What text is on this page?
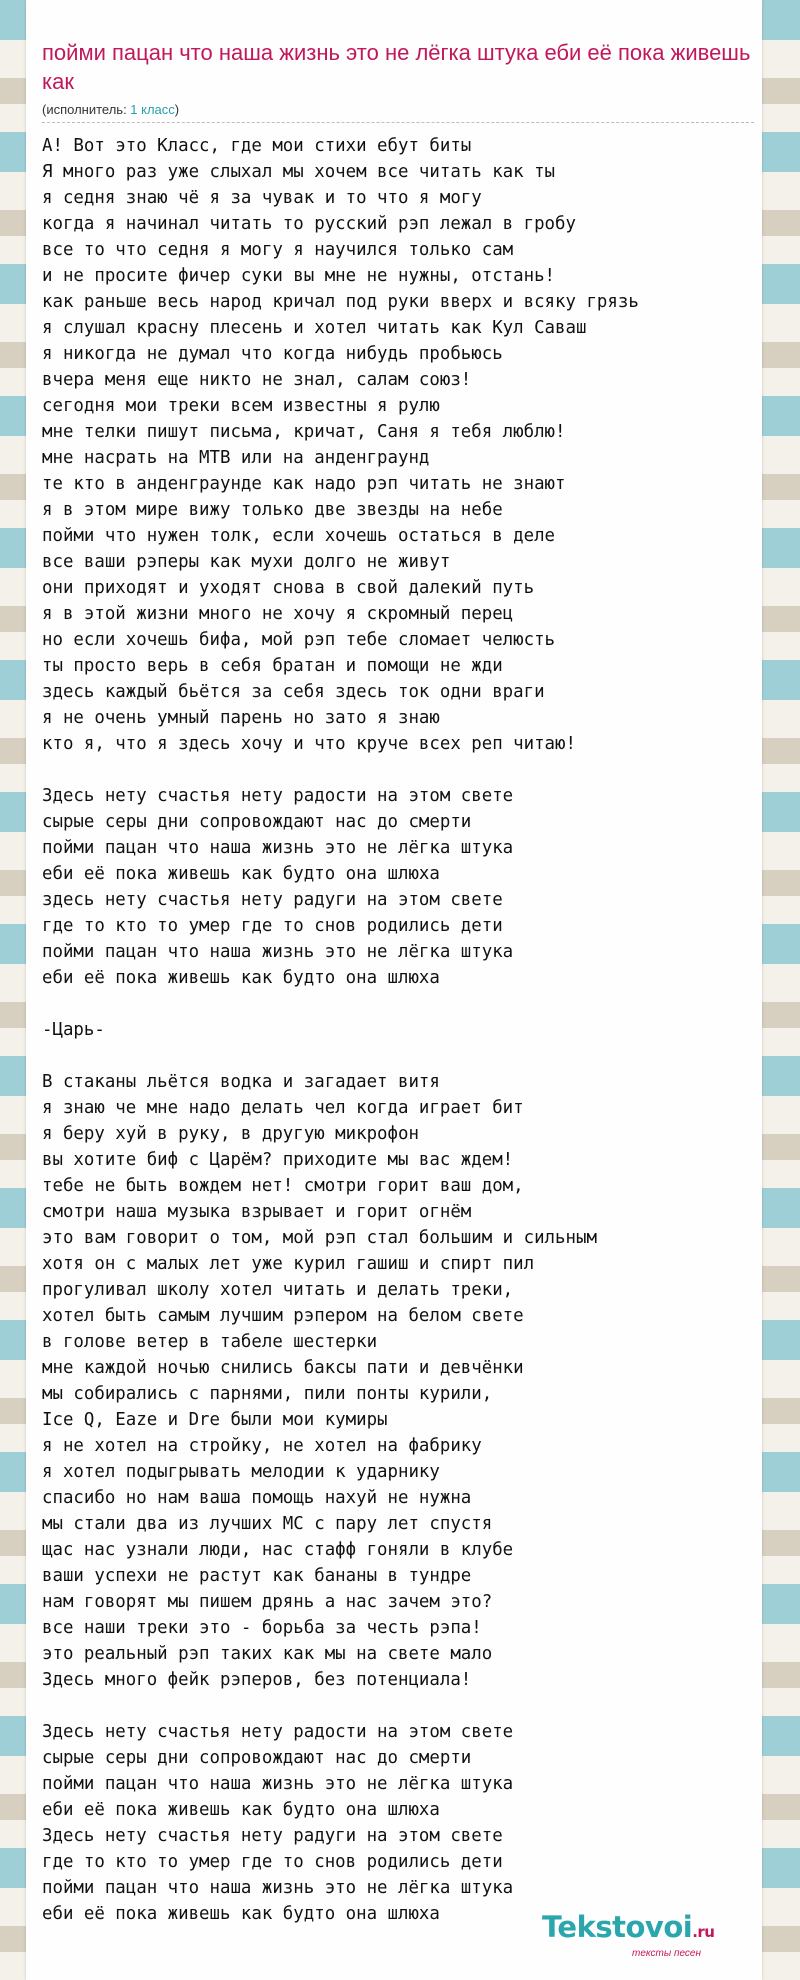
пойми пацан что наша жизнь это не лёгка штука еби её пока живешь как
(исполнитель: 1 класс)
А! Вот это Класс, где мои стихи ебут биты
Я много раз уже слыхал мы хочем все читать как ты
я седня знаю чё я за чувак и то что я могу
когда я начинал читать то русский рэп лежал в гробу
все то что седня я могу я научился только сам
и не просите фичер суки вы мне не нужны, отстань!
как раньше весь народ кричал под руки вверх и всяку грязь
я слушал красну плесень и хотел читать как Кул Саваш
я никогда не думал что когда нибудь пробьюсь
вчера меня еще никто не знал, салам союз!
сегодня мои треки всем известны я рулю
мне телки пишут письма, кричат, Саня я тебя люблю!
мне насрать на МТВ или на анденграунд
те кто в анденграунде как надо рэп читать не знают
я в этом мире вижу только две звезды на небе
пойми что нужен толк, если хочешь остаться в деле
все ваши рэперы как мухи долго не живут
они приходят и уходят снова в свой далекий путь
я в этой жизни много не хочу я скромный перец
но если хочешь бифа, мой рэп тебе сломает челюсть
ты просто верь в себя братан и помощи не жди
здесь каждый бьётся за себя здесь ток одни враги
я не очень умный парень но зато я знаю
кто я, что я здесь хочу и что круче всех реп читаю!

Здесь нету счастья нету радости на этом свете
сырые серы дни сопровождают нас до смерти
пойми пацан что наша жизнь это не лёгка штука
еби её пока живешь как будто она шлюха
здесь нету счастья нету радуги на этом свете
где то кто то умер где то снов родились дети
пойми пацан что наша жизнь это не лёгка штука
еби её пока живешь как будто она шлюха

-Царь-

В стаканы льётся водка и загадает витя
я знаю че мне надо делать чел когда играет бит
я беру хуй в руку, в другую микрофон
вы хотите биф с Царём? приходите мы вас ждем!
тебе не быть вождем нет! смотри горит ваш дом,
смотри наша музыка взрывает и горит огнём
это вам говорит о том, мой рэп стал большим и сильным
хотя он с малых лет уже курил гашиш и спирт пил
прогуливал школу хотел читать и делать треки,
хотел быть самым лучшим рэпером на белом свете
в голове ветер в табеле шестерки
мне каждой ночью снились баксы пати и девчёнки
мы собирались с парнями, пили понты курили,
Ice Q, Eaze и Dre были мои кумиры
я не хотел на стройку, не хотел на фабрику
я хотел подыгрывать мелодии к ударнику
спасибо но нам ваша помощь нахуй не нужна
мы стали два из лучших МС с пару лет спустя
щас нас узнали люди, нас стафф гоняли в клубе
ваши успехи не растут как бананы в тундре
нам говорят мы пишем дрянь а нас зачем это?
все наши треки это - борьба за честь рэпа!
это реальный рэп таких как мы на свете мало
Здесь много фейк рэперов, без потенциала!

Здесь нету счастья нету радости на этом свете
сырые серы дни сопровождают нас до смерти
пойми пацан что наша жизнь это не лёгка штука
еби её пока живешь как будто она шлюха
Здесь нету счастья нету радуги на этом свете
где то кто то умер где то снов родились дети
пойми пацан что наша жизнь это не лёгка штука
еби её пока живешь как будто она шлюха	Tekstovoi.ru
тексты песен
